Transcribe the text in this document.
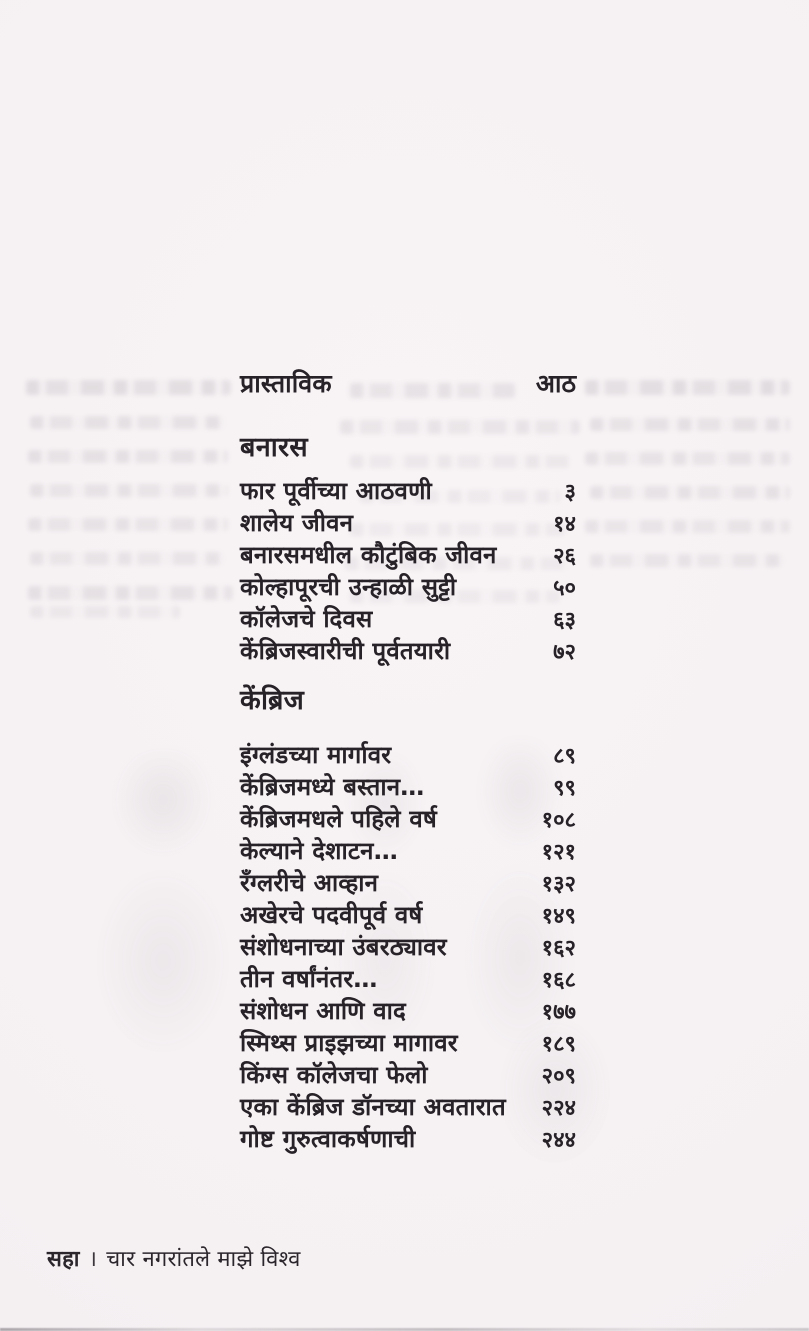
प्रास्ताविक	आठ
बनारस
फार पूर्वीच्या आठवणी	३
शालेय जीवन	१४
बनारसमधील कौटुंबिक जीवन	२६
कोल्हापूरची उन्हाळी सुट्टी	५०
कॉलेजचे दिवस	६३
केंब्रिजस्वारीची पूर्वतयारी	७२
केंब्रिज
इंग्लंडच्या मार्गावर	८९
केंब्रिजमध्ये बस्तान…	९९
केंब्रिजमधले पहिले वर्ष	१०८
केल्याने देशाटन…	१२१
रँग्लरीचे आव्हान	१३२
अखेरचे पदवीपूर्व वर्ष	१४९
संशोधनाच्या उंबरठ्यावर	१६२
तीन वर्षांनंतर…	१६८
संशोधन आणि वाद	१७७
स्मिथ्स प्राइझच्या मागावर	१८९
किंग्स कॉलेजचा फेलो	२०९
एका केंब्रिज डॉनच्या अवतारात	२२४
गोष्ट गुरुत्वाकर्षणाची	२४४
सहा । चार नगरांतले माझे विश्व
